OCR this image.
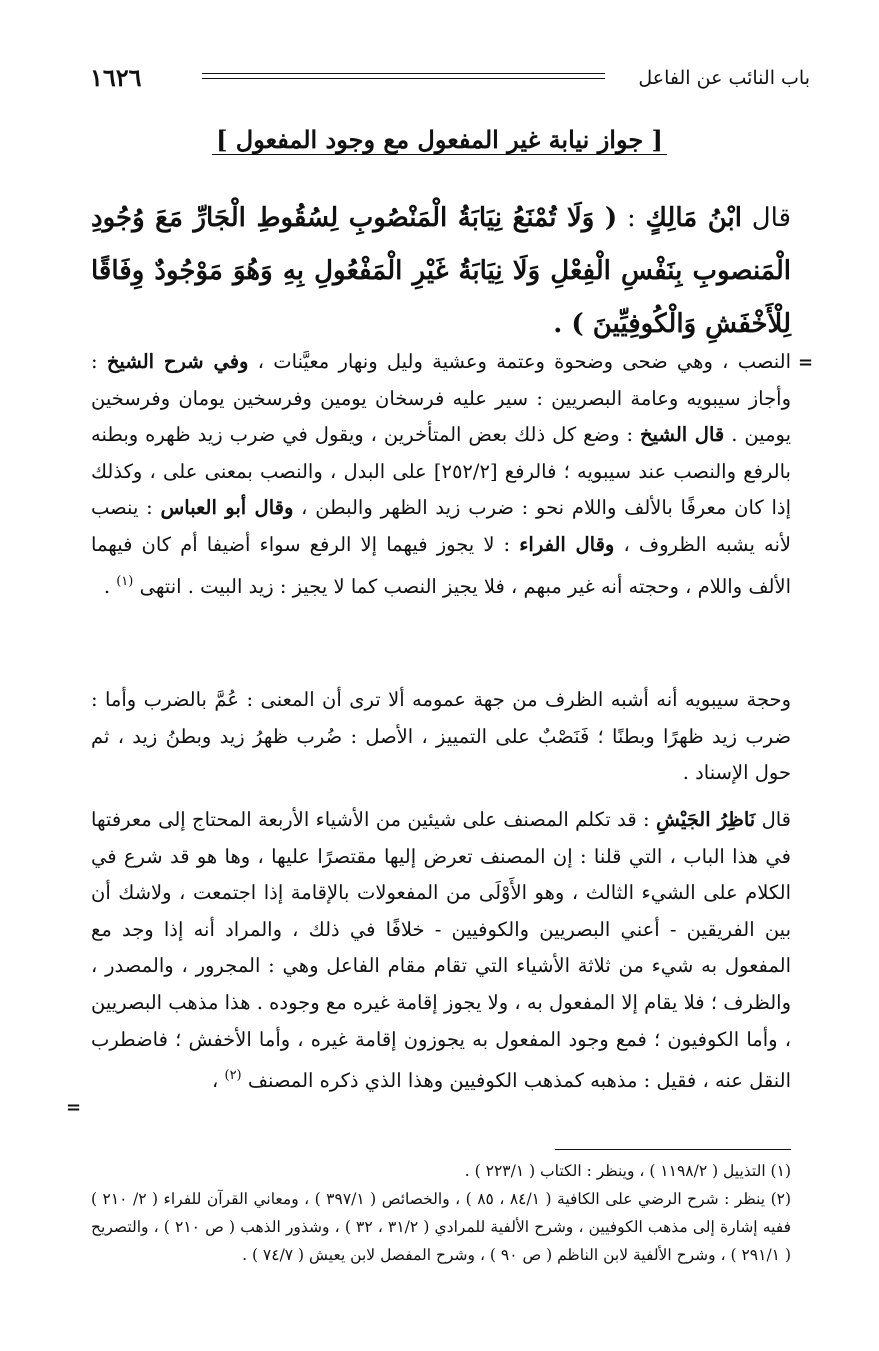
١٦٢٦	باب النائب عن الفاعل
[ جواز نيابة غير المفعول مع وجود المفعول ]
قال ابْنُ مَالِكٍ : ( وَلَا تُمْنَعُ نِيَابَةُ الْمَنْصُوبِ لِسُقُوطِ الْجَارِّ مَعَ وُجُودِ الْمَنصوبِ بِنَفْسِ الْفِعْلِ وَلَا نِيَابَةُ غَيْرِ الْمَفْعُولِ بِهِ وَهُوَ مَوْجُودٌ وِفَاقًا لِلْأَخْفَشِ وَالْكُوفِيِّينَ ) .
=
النصب ، وهي ضحى وضحوة وعتمة وعشية وليل ونهار معيَّنات ، وفي شرح الشيخ : وأجاز سيبويه وعامة البصريين : سير عليه فرسخان يومين وفرسخين يومان وفرسخين يومين . قال الشيخ : وضع كل ذلك بعض المتأخرين ، ويقول في ضرب زيد ظهره وبطنه بالرفع والنصب عند سيبويه ؛ فالرفع [٢٥٢/٢] على البدل ، والنصب بمعنى على ، وكذلك إذا كان معرفًا بالألف واللام نحو : ضرب زيد الظهر والبطن ، وقال أبو العباس : ينصب لأنه يشبه الظروف ، وقال الفراء : لا يجوز فيهما إلا الرفع سواء أضيفا أم كان فيهما الألف واللام ، وحجته أنه غير مبهم ، فلا يجيز النصب كما لا يجيز : زيد البيت . انتهى $^{(١)}$ .
وحجة سيبويه أنه أشبه الظرف من جهة عمومه ألا ترى أن المعنى : عُمَّ بالضرب وأما : ضرب زيد ظهرًا وبطنًا ؛ فَنَصْبٌ على التمييز ، الأصل : ضُرب ظهرُ زيد وبطنُ زيد ، ثم حول الإسناد .
قال نَاظِرُ الجَيْشِ : قد تكلم المصنف على شيئين من الأشياء الأربعة المحتاج إلى معرفتها في هذا الباب ، التي قلنا : إن المصنف تعرض إليها مقتصرًا عليها ، وها هو قد شرع في الكلام على الشيء الثالث ، وهو الأَوْلَى من المفعولات بالإقامة إذا اجتمعت ، ولاشك أن بين الفريقين - أعني البصريين والكوفيين - خلافًا في ذلك ، والمراد أنه إذا وجد مع المفعول به شيء من ثلاثة الأشياء التي تقام مقام الفاعل وهي : المجرور ، والمصدر ، والظرف ؛ فلا يقام إلا المفعول به ، ولا يجوز إقامة غيره مع وجوده . هذا مذهب البصريين ، وأما الكوفيون ؛ فمع وجود المفعول به يجوزون إقامة غيره ، وأما الأخفش ؛ فاضطرب النقل عنه ، فقيل : مذهبه كمذهب الكوفيين وهذا الذي ذكره المصنف $^{(٢)}$ ،
=

(١) التذييل ( ١١٩٨/٢ ) ، وينظر : الكتاب ( ٢٢٣/١ ) .

(٢) ينظر : شرح الرضي على الكافية ( ٨٤/١ ، ٨٥ ) ، والخصائص ( ٣٩٧/١ ) ، ومعاني القرآن للفراء ( ٢/ ٢١٠ ) ففيه إشارة إلى مذهب الكوفيين ، وشرح الألفية للمرادي ( ٣١/٢ ، ٣٢ ) ، وشذور الذهب ( ص ٢١٠ ) ، والتصريح ( ٢٩١/١ ) ، وشرح الألفية لابن الناظم ( ص ٩٠ ) ، وشرح المفصل لابن يعيش ( ٧٤/٧ ) .
